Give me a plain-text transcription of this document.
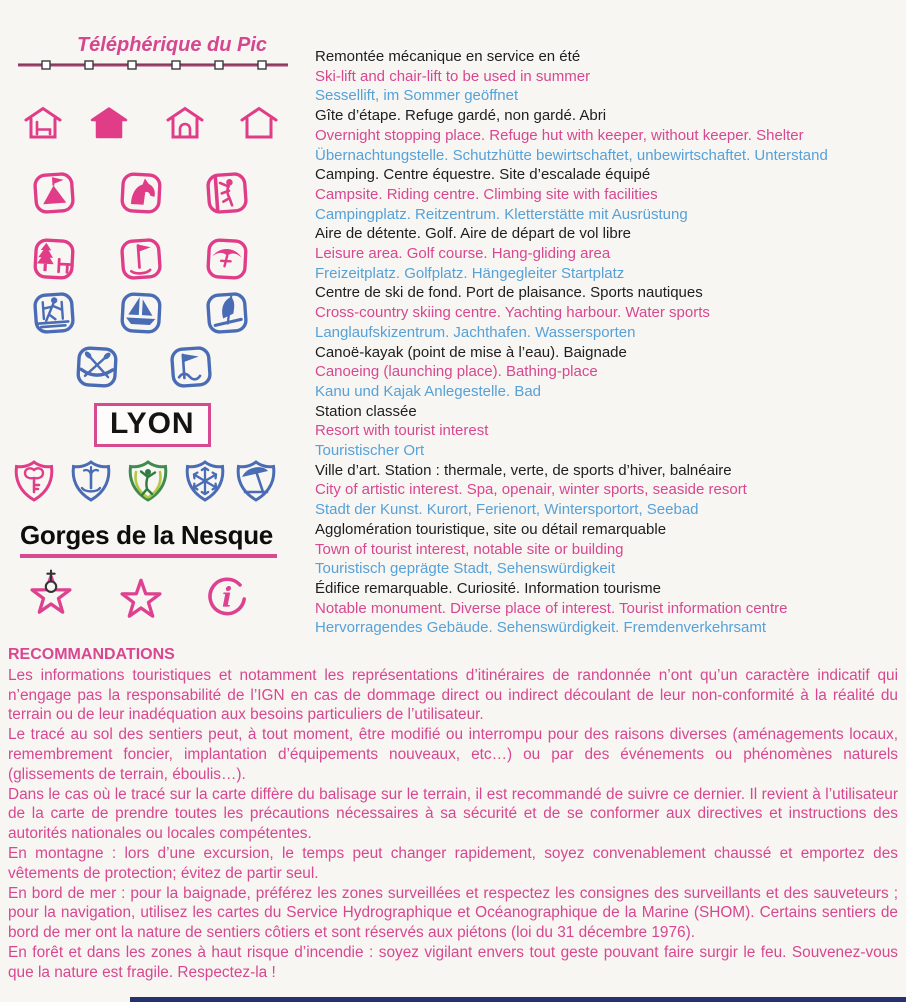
Téléphérique du Pic
LYON
Gorges de la Nesque
i
Remontée mécanique en service en été
Ski-lift and chair-lift to be used in summer
Sessellift, im Sommer geöffnet
Gîte d’étape. Refuge gardé, non gardé. Abri
Overnight stopping place. Refuge hut with keeper, without keeper. Shelter
Übernachtungstelle. Schutzhütte bewirtschaftet, unbewirtschaftet. Unterstand
Camping. Centre équestre. Site d’escalade équipé
Campsite. Riding centre. Climbing site with facilities
Campingplatz. Reitzentrum. Kletterstätte mit Ausrüstung
Aire de détente. Golf. Aire de départ de vol libre
Leisure area. Golf course. Hang-gliding area
Freizeitplatz. Golfplatz. Hängegleiter Startplatz
Centre de ski de fond. Port de plaisance. Sports nautiques
Cross-country skiing centre. Yachting harbour. Water sports
Langlaufskizentrum. Jachthafen. Wassersporten
Canoë-kayak (point de mise à l’eau). Baignade
Canoeing (launching place). Bathing-place
Kanu und Kajak Anlegestelle. Bad
Station classée
Resort with tourist interest
Touristischer Ort
Ville d’art. Station : thermale, verte, de sports d’hiver, balnéaire
City of artistic interest. Spa, openair, winter sports, seaside resort
Stadt der Kunst. Kurort, Ferienort, Wintersportort, Seebad
Agglomération touristique, site ou détail remarquable
Town of tourist interest, notable site or building
Touristisch geprägte Stadt, Sehenswürdigkeit
Édifice remarquable. Curiosité. Information tourisme
Notable monument. Diverse place of interest. Tourist information centre
Hervorragendes Gebäude. Sehenswürdigkeit. Fremdenverkehrsamt
RECOMMANDATIONS

Les informations touristiques et notamment les représentations d’itinéraires de randonnée n’ont qu’un caractère indicatif qui n’engage pas la responsabilité de l’IGN en cas de dommage direct ou indirect découlant de leur non-conformité à la réalité du terrain ou de leur inadéquation aux besoins particuliers de l’utilisateur.

Le tracé au sol des sentiers peut, à tout moment, être modifié ou interrompu pour des raisons diverses (aménagements locaux, remembrement foncier, implantation d’équipements nouveaux, etc…) ou par des événements ou phénomènes naturels (glissements de terrain, éboulis…).

Dans le cas où le tracé sur la carte diffère du balisage sur le terrain, il est recommandé de suivre ce dernier. Il revient à l’utilisateur de la carte de prendre toutes les précautions nécessaires à sa sécurité et de se conformer aux directives et instructions des autorités nationales ou locales compétentes.

En montagne : lors d’une excursion, le temps peut changer rapidement, soyez convenablement chaussé et emportez des vêtements de protection; évitez de partir seul.

En bord de mer : pour la baignade, préférez les zones surveillées et respectez les consignes des surveillants et des sauveteurs ; pour la navigation, utilisez les cartes du Service Hydrographique et Océanographique de la Marine (SHOM). Certains sentiers de bord de mer ont la nature de sentiers côtiers et sont réservés aux piétons (loi du 31 décembre 1976).

En forêt et dans les zones à haut risque d’incendie : soyez vigilant envers tout geste pouvant faire surgir le feu. Souvenez-vous que la nature est fragile. Respectez-la !
